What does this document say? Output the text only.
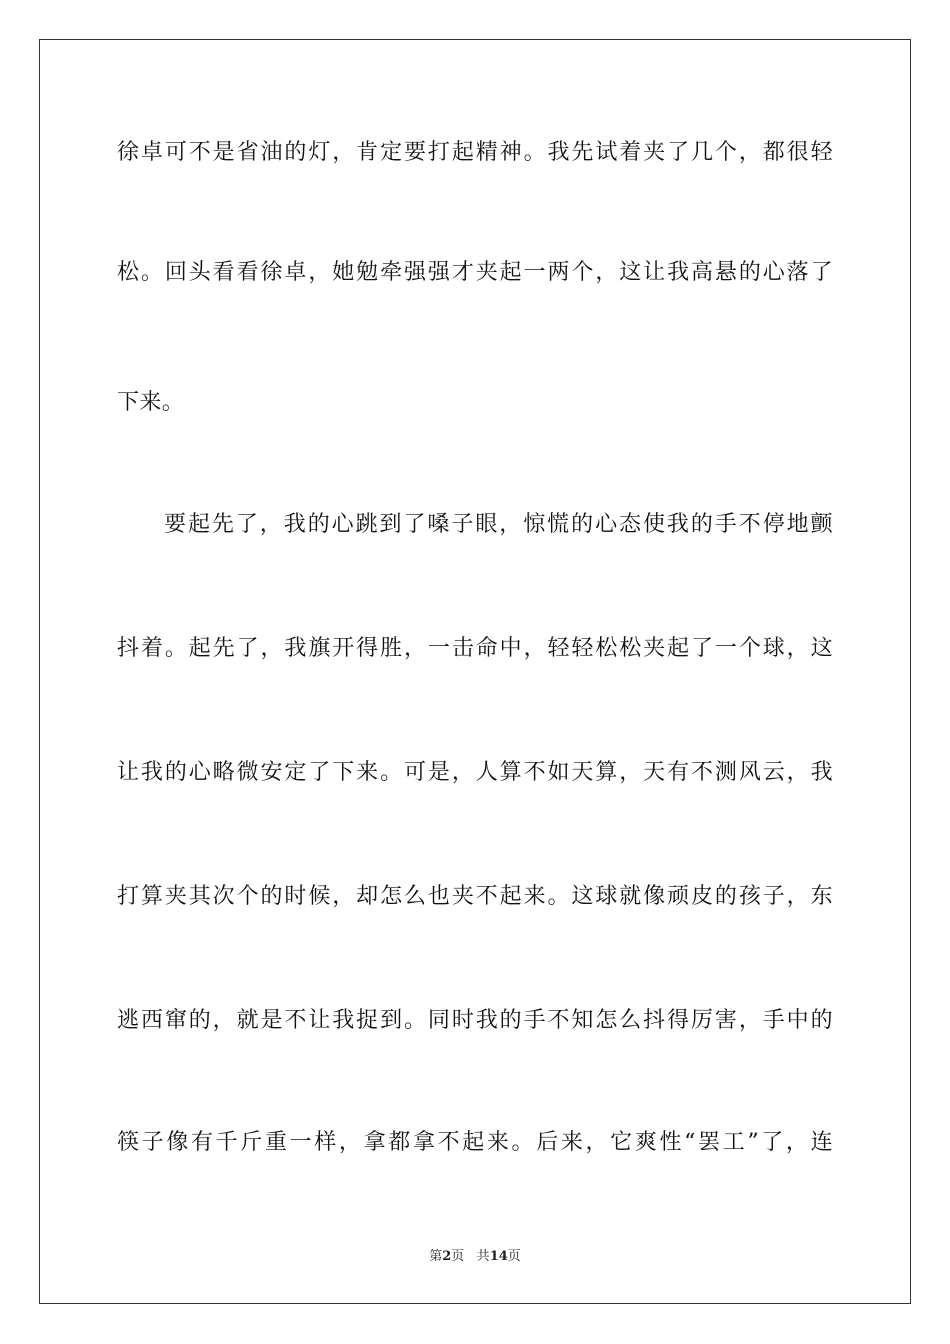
徐卓可不是省油的灯，肯定要打起精神。我先试着夹了几个，都很轻
松。回头看看徐卓，她勉牵强强才夹起一两个，这让我高悬的心落了
下来。
要起先了，我的心跳到了嗓子眼，惊慌的心态使我的手不停地颤
抖着。起先了，我旗开得胜，一击命中，轻轻松松夹起了一个球，这
让我的心略微安定了下来。可是，人算不如天算，天有不测风云，我
打算夹其次个的时候，却怎么也夹不起来。这球就像顽皮的孩子，东
逃西窜的，就是不让我捉到。同时我的手不知怎么抖得厉害，手中的
筷子像有千斤重一样，拿都拿不起来。后来，它爽性“罢工”了，连
第2页 共14页
